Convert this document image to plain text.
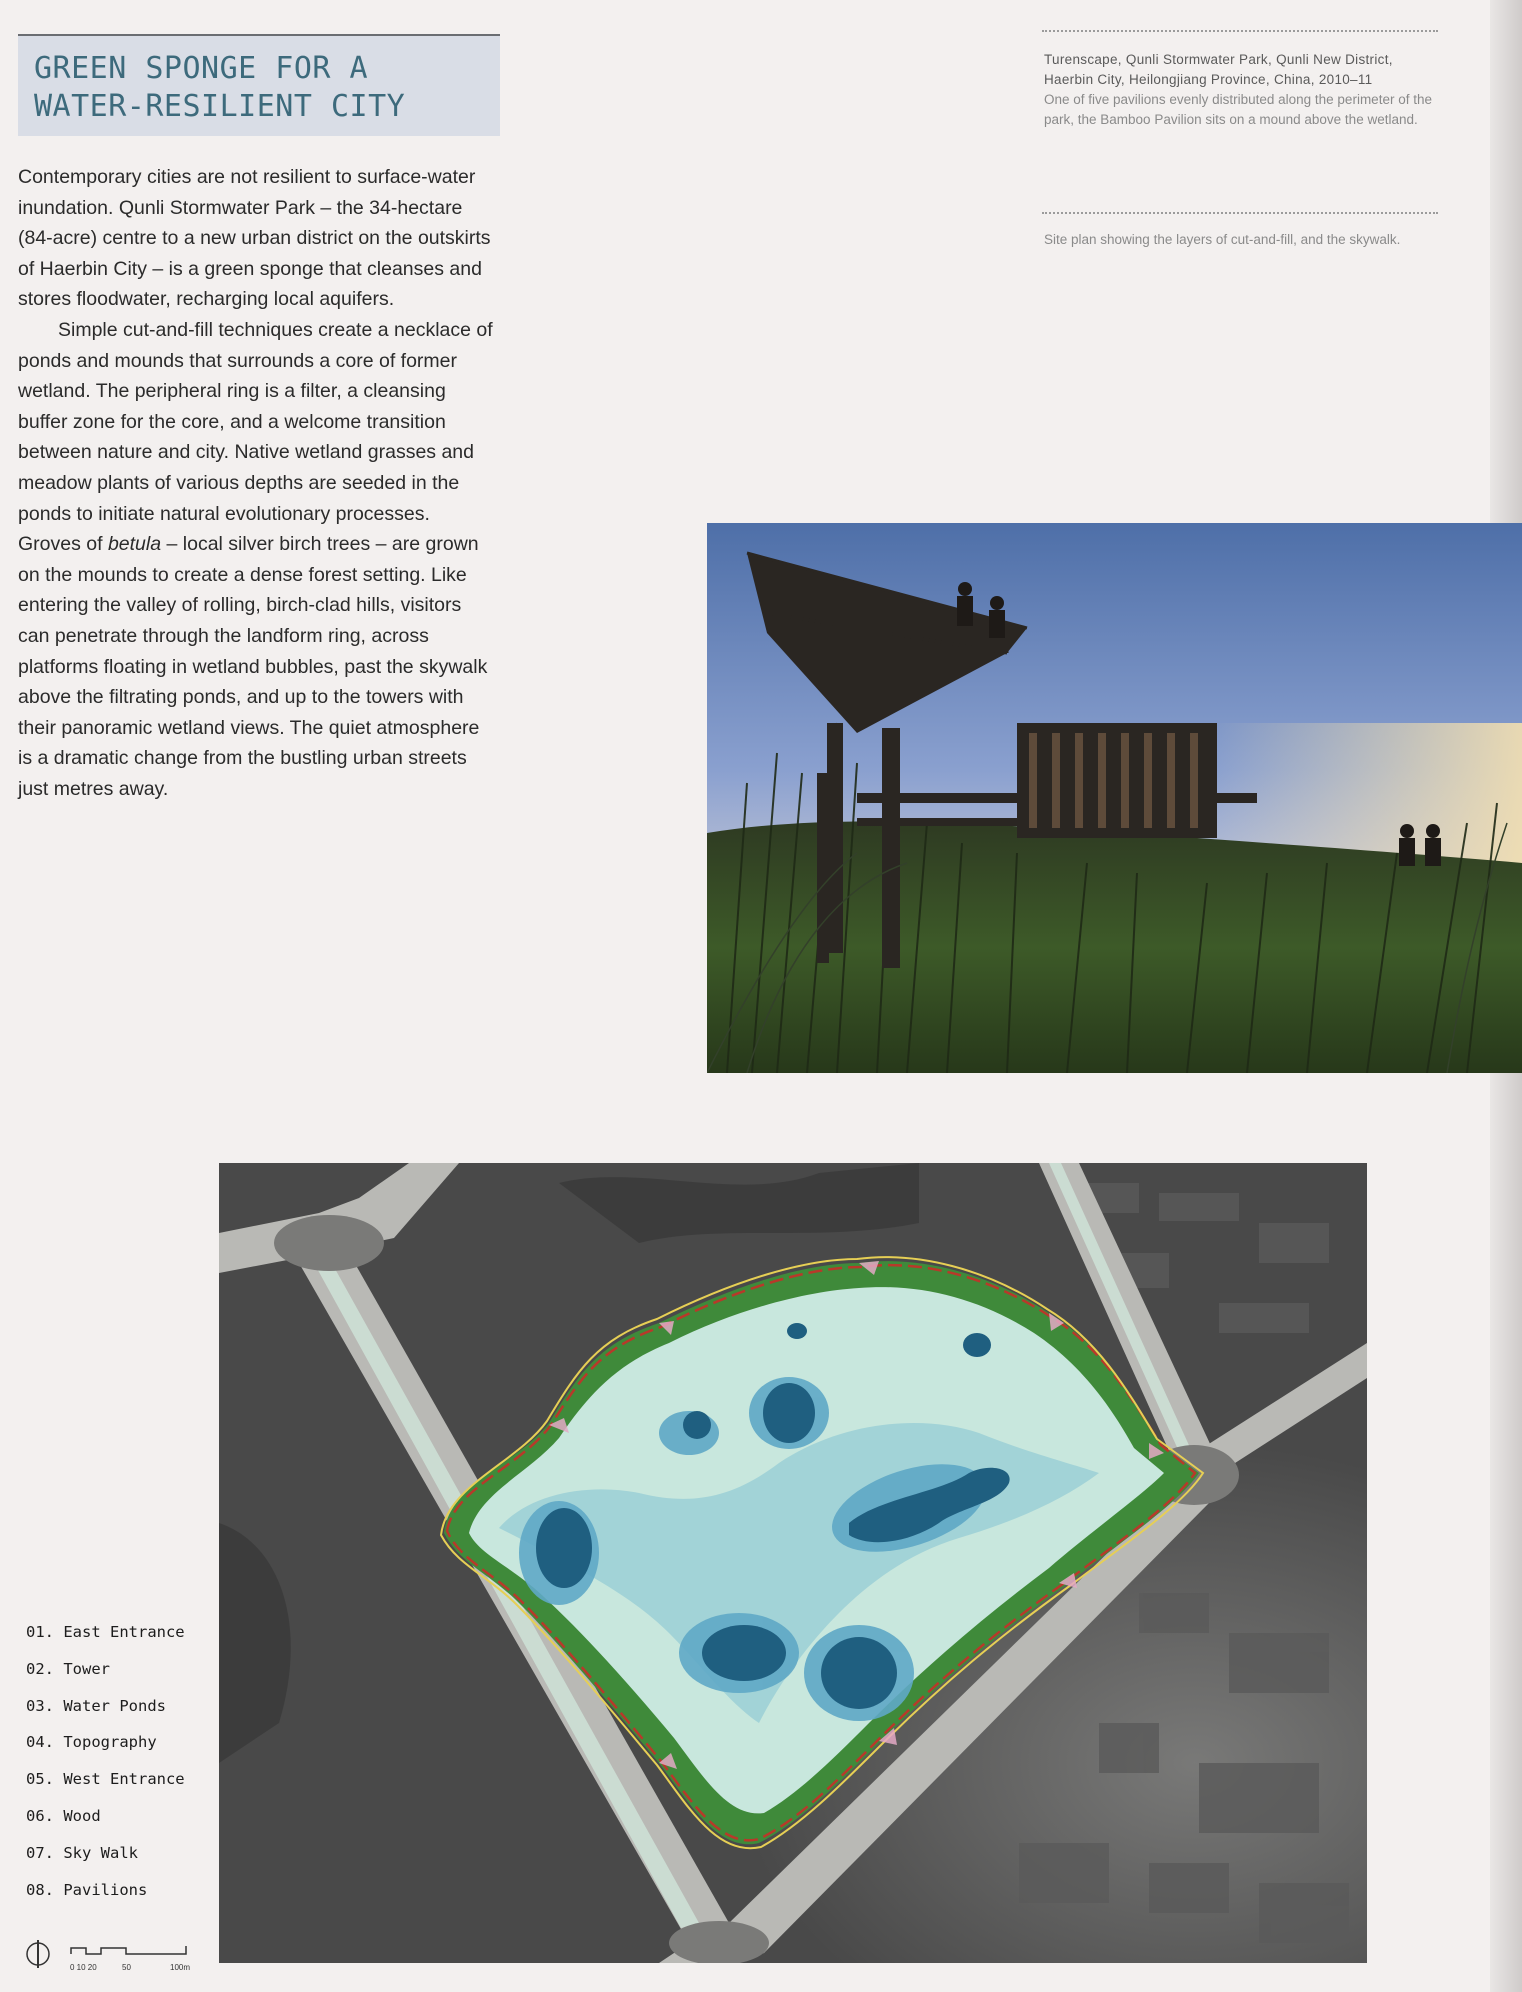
GREEN SPONGE FOR A
WATER-RESILIENT CITY

Contemporary cities are not resilient to surface-water inundation. Qunli Stormwater Park – the 34-hectare (84-acre) centre to a new urban district on the outskirts of Haerbin City – is a green sponge that cleanses and stores floodwater, recharging local aquifers.

Simple cut-and-fill techniques create a necklace of ponds and mounds that surrounds a core of former wetland. The peripheral ring is a filter, a cleansing buffer zone for the core, and a welcome transition between nature and city. Native wetland grasses and meadow plants of various depths are seeded in the ponds to initiate natural evolutionary processes. Groves of betula – local silver birch trees – are grown on the mounds to create a dense forest setting. Like entering the valley of rolling, birch-clad hills, visitors can penetrate through the landform ring, across platforms floating in wetland bubbles, past the skywalk above the filtrating ponds, and up to the towers with their panoramic wetland views. The quiet atmosphere is a dramatic change from the bustling urban streets just metres away.

Turenscape, Qunli Stormwater Park, Qunli New District, Haerbin City, Heilongjiang Province, China, 2010–11
One of five pavilions evenly distributed along the perimeter of the park, the Bamboo Pavilion sits on a mound above the wetland.
Site plan showing the layers of cut-and-fill, and the skywalk.
01. East Entrance
02. Tower
03. Water Ponds
04. Topography
05. West Entrance
06. Wood
07. Sky Walk
08. Pavilions
0 10 20	50	100m
